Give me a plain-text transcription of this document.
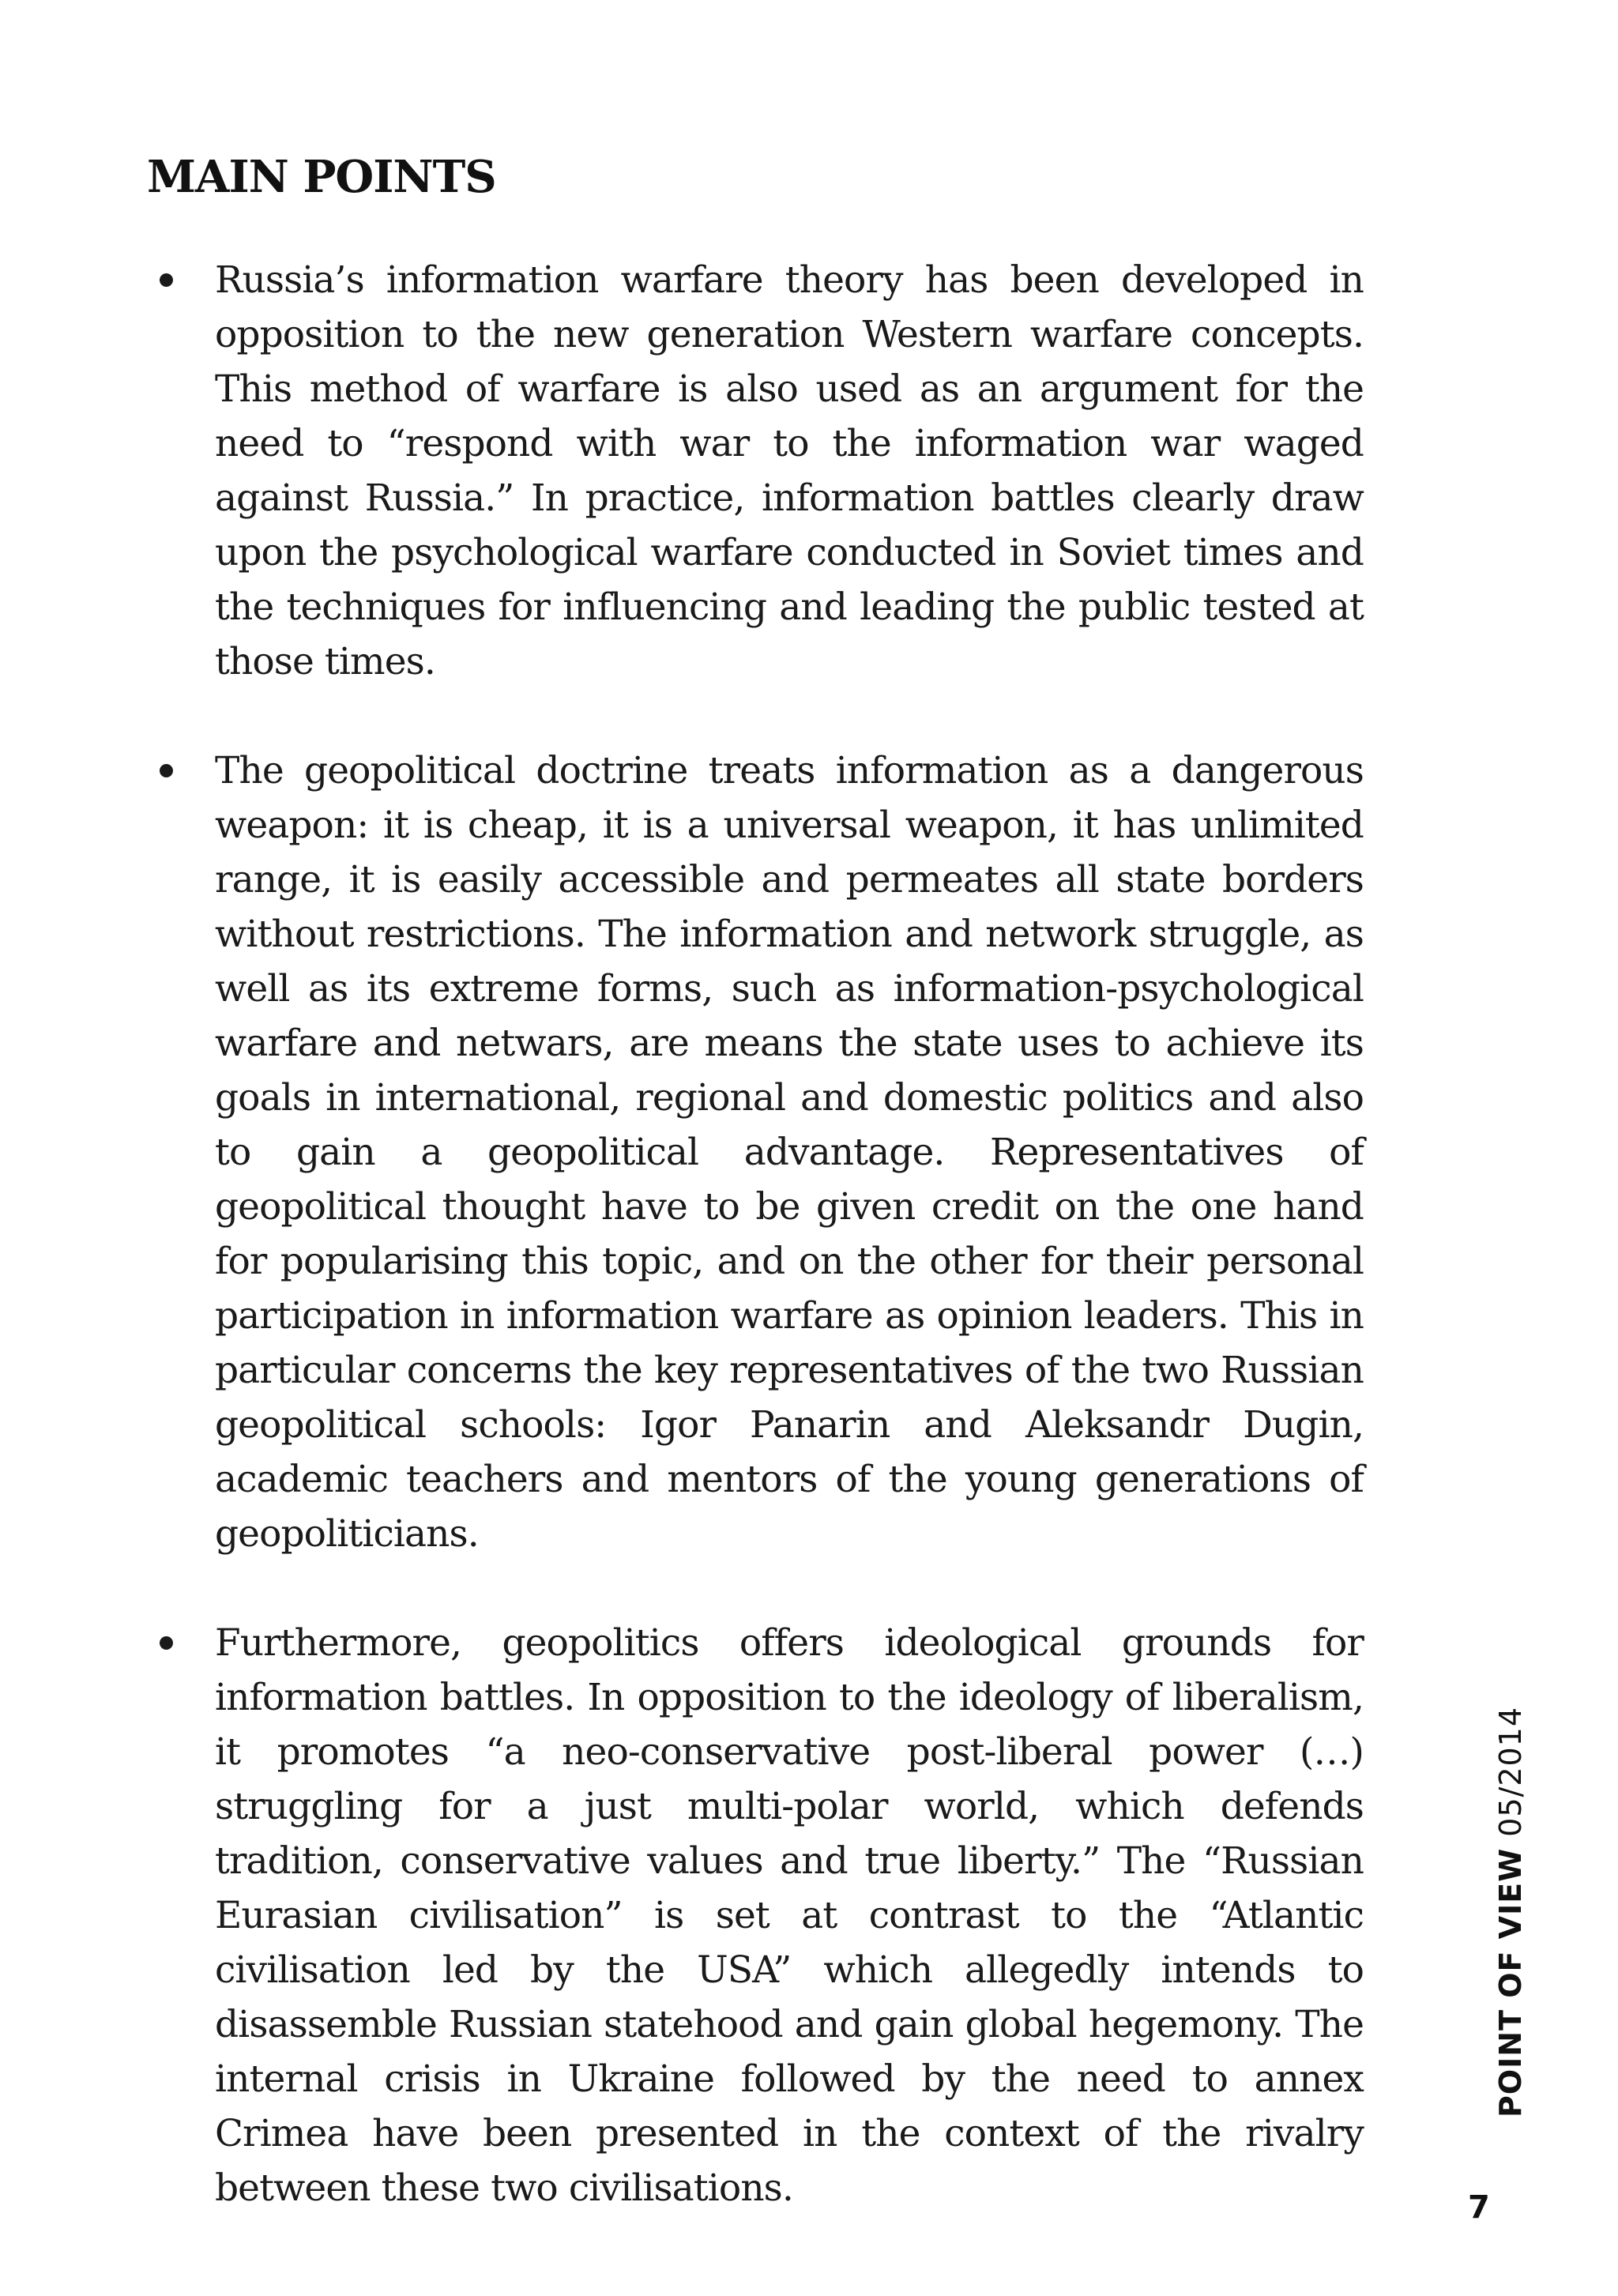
MAIN POINTS
Russia’s information warfare theory has been developed in opposition to the new generation Western warfare concepts. This method of warfare is also used as an argument for the need to “respond with war to the information war waged against Russia.” In practice, information battles clearly draw upon the psychological warfare conducted in Soviet times and the techniques for influencing and leading the public tested at those times.
The geopolitical doctrine treats information as a dangerous weapon: it is cheap, it is a universal weapon, it has unlimited range, it is easily accessible and permeates all state borders without restrictions. The information and network struggle, as well as its extreme forms, such as information-psychological warfare and netwars, are means the state uses to achieve its goals in international, regional and domestic politics and also to gain a geopolitical advantage. Representatives of geopolitical thought have to be given credit on the one hand for popularising this topic, and on the other for their personal participation in information warfare as opinion leaders. This in particular concerns the key representatives of the two Russian geopolitical schools: Igor Panarin and Aleksandr Dugin, academic teachers and mentors of the young generations of geopoliticians.
Furthermore, geopolitics offers ideological grounds for information battles. In opposition to the ideology of liberalism, it promotes “a neo-conservative post-liberal power (…) struggling for a just multi-polar world, which defends tradition, conservative values and true liberty.” The “Russian Eurasian civilisation” is set at contrast to the “Atlantic civilisation led by the USA” which allegedly intends to disassemble Russian statehood and gain global hegemony. The internal crisis in Ukraine followed by the need to annex Crimea have been presented in the context of the rivalry between these two civilisations.
POINT OF VIEW05/2014
7
